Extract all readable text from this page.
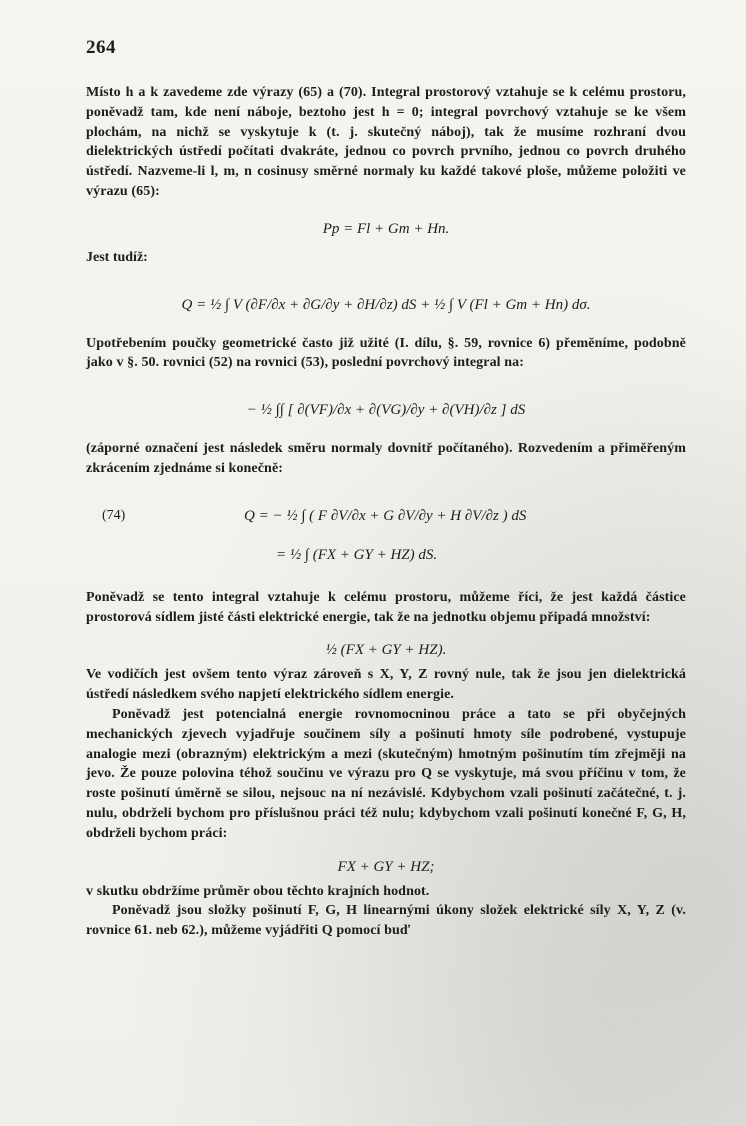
264

Místo h a k zavedeme zde výrazy (65) a (70). Integral prostorový vztahuje se k celému prostoru, poněvadž tam, kde není náboje, beztoho jest h = 0; integral povrchový vztahuje se ke všem plochám, na nichž se vyskytuje k (t. j. skutečný náboj), tak že musíme rozhraní dvou dielektrických ústředí počítati dvakráte, jednou co povrch prvního, jednou co povrch druhého ústředí. Nazveme-li l, m, n cosinusy směrné normaly ku každé takové ploše, můžeme položiti ve výrazu (65):

Pp = Fl + Gm + Hn.

Jest tudíž:

Q = ½ ∫ V (∂F/∂x + ∂G/∂y + ∂H/∂z) dS + ½ ∫ V (Fl + Gm + Hn) dσ.

Upotřebením poučky geometrické často již užité (I. dílu, §. 59, rovnice 6) přeměníme, podobně jako v §. 50. rovnici (52) na rovnici (53), poslední povrchový integral na:

− ½ ∫∫ [ ∂(VF)/∂x + ∂(VG)/∂y + ∂(VH)/∂z ] dS

(záporné označení jest následek směru normaly dovnitř počítaného). Rozvedením a přiměřeným zkrácením zjednáme si konečně:

(74)	Q = − ½ ∫ ( F ∂V/∂x + G ∂V/∂y + H ∂V/∂z ) dS
= ½ ∫ (FX + GY + HZ) dS.

Poněvadž se tento integral vztahuje k celému prostoru, můžeme říci, že jest každá částice prostorová sídlem jisté části elektrické energie, tak že na jednotku objemu připadá množství:

½ (FX + GY + HZ).

Ve vodičích jest ovšem tento výraz zároveň s X, Y, Z rovný nule, tak že jsou jen dielektrická ústředí následkem svého napjetí elektrického sídlem energie.

Poněvadž jest potencialná energie rovnomocninou práce a tato se při obyčejných mechanických zjevech vyjadřuje součinem síly a pošinutí hmoty síle podrobené, vystupuje analogie mezi (obrazným) elektrickým a mezi (skutečným) hmotným pošinutím tím zřejměji na jevo. Že pouze polovina téhož součinu ve výrazu pro Q se vyskytuje, má svou příčinu v tom, že roste pošinutí úměrně se silou, nejsouc na ní nezávislé. Kdybychom vzali pošinutí začátečné, t. j. nulu, obdrželi bychom pro příslušnou práci též nulu; kdybychom vzali pošinutí konečné F, G, H, obdrželi bychom práci:

FX + GY + HZ;

v skutku obdržíme průměr obou těchto krajních hodnot.

Poněvadž jsou složky pošinutí F, G, H linearnými úkony složek elektrické síly X, Y, Z (v. rovnice 61. neb 62.), můžeme vyjádřiti Q pomocí buď
